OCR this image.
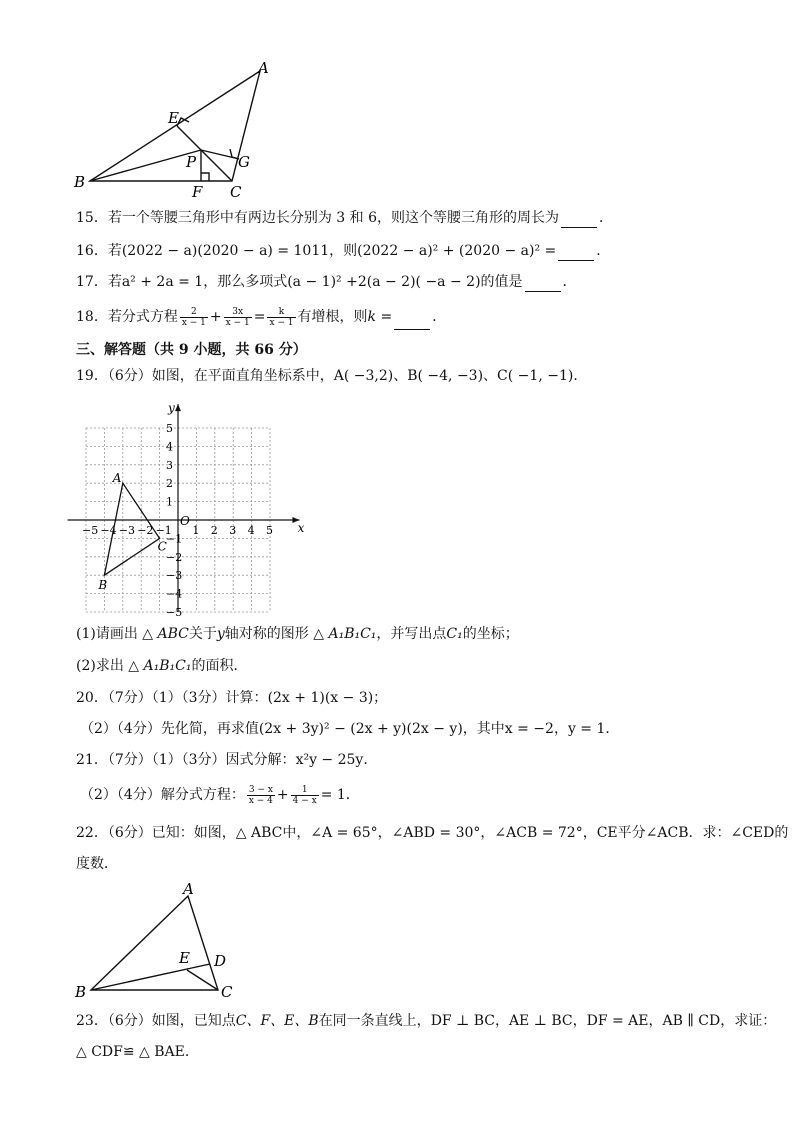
A
B
C
E
P
F
G
15．若一个等腰三角形中有两边长分别为 3 和 6，则这个等腰三角形的周长为	．
16．若(2022 − a)(2020 − a) = 1011，则(2022 − a)² + (2020 − a)² =	．
17．若a² + 2a = 1，那么多项式(a − 1)² +2(a − 2)( −a − 2)的值是	．
18．若分式方程 $\frac{2}{x - 1} + \frac{3x}{x - 1} = \frac{k}{x - 1}$ 有增根，则k =	．
三、解答题（共 9 小题，共 66 分）
19．（6分）如图，在平面直角坐标系中，A( −3,2)、B( −4, −3)、C( −1, −1)．
−5 −4 −3 −2 −1 1 2 3 4 5
5
4
3
2
1
−1
−2
−3
−4
−5
x
y
O
A
B
C
(1)请画出 △ ABC关于y轴对称的图形 △ A₁B₁C₁，并写出点C₁的坐标；
(2)求出 △ A₁B₁C₁的面积．
20．（7分）（1）（3分）计算：(2x + 1)(x − 3)；
（2）（4分）先化简，再求值(2x + 3y)² − (2x + y)(2x − y)，其中x = −2，y = 1．
21．（7分）（1）（3分）因式分解：x²y − 25y．
（2）（4分）解分式方程： $\frac{3 - x}{x - 4} + \frac{1}{4 - x} = 1$．
22．（6分）已知：如图，△ ABC中，∠A = 65°，∠ABD = 30°，∠ACB = 72°，CE平分∠ACB．求：∠CED的
度数．
A
B	C
D
E
23．（6分）如图，已知点C、F、E、B在同一条直线上，DF ⊥ BC，AE ⊥ BC，DF = AE，AB ∥ CD，求证：
△ CDF≌ △ BAE．
